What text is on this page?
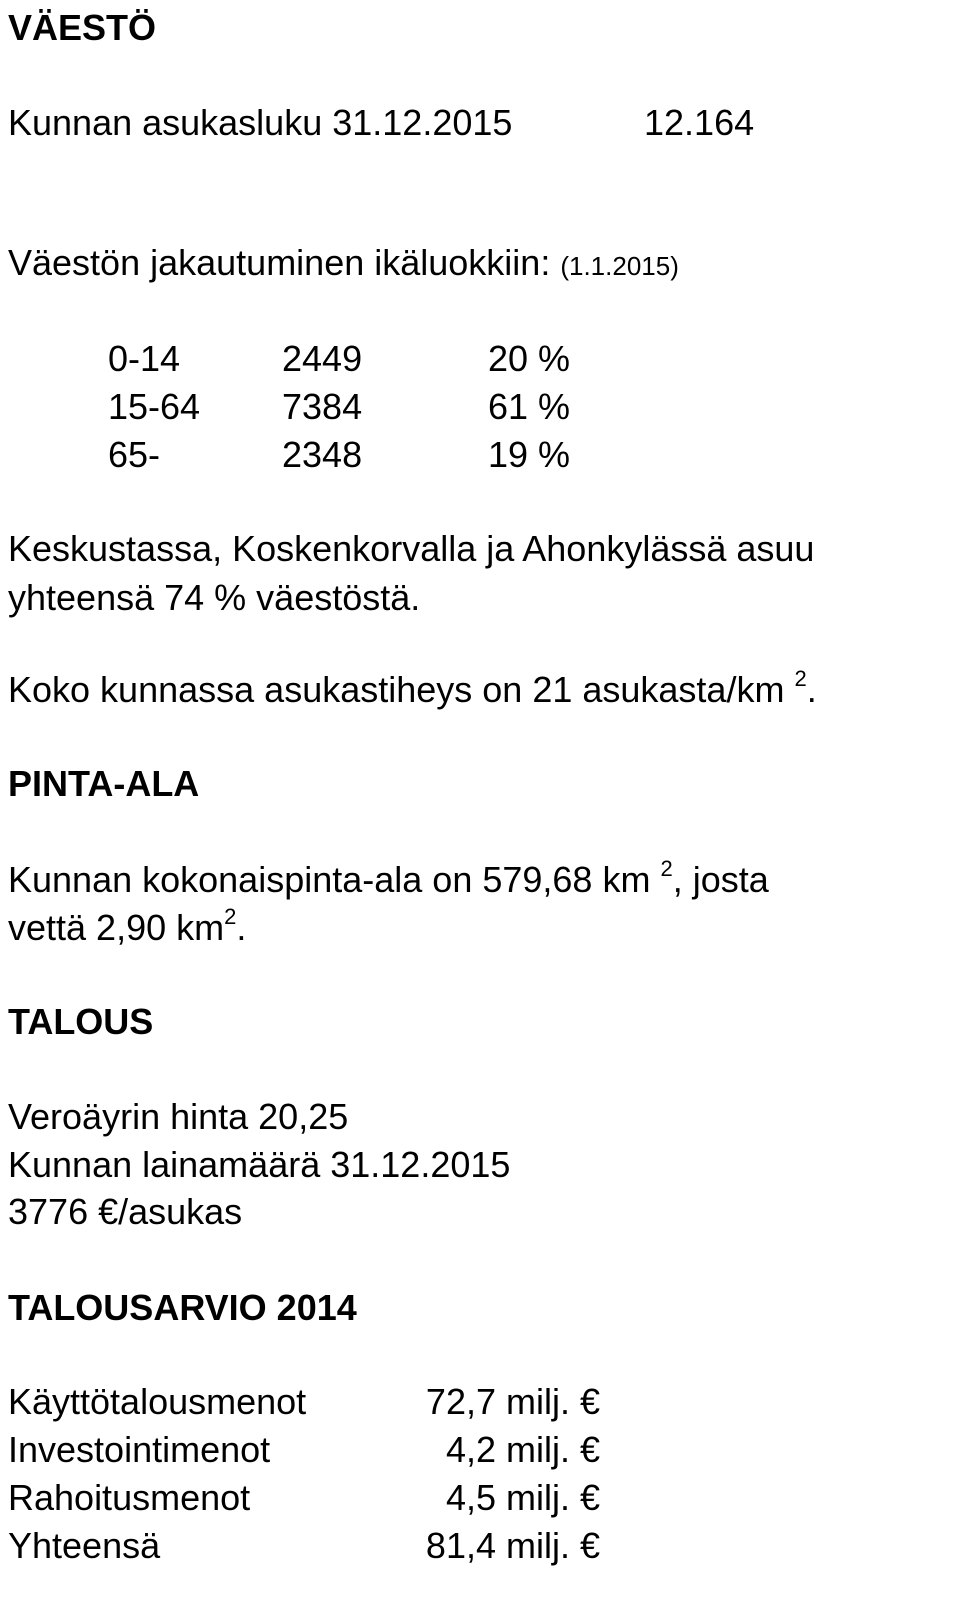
VÄESTÖ
Kunnan asukasluku 31.12.2015	12.164
Väestön jakautuminen ikäluokkiin: (1.1.2015)
0-14	2449	20 %
15-64 7384	61 %
65-	2348	19 %
Keskustassa, Koskenkorvalla ja Ahonkylässä asuu
yhteensä 74 % väestöstä.
Koko kunnassa asukastiheys on 21 asukasta/km $^2$.
PINTA-ALA
Kunnan kokonaispinta-ala on 579,68 km $^2$, josta
vettä 2,90 $km^2$.
TALOUS
Veroäyrin hinta 20,25
Kunnan lainamäärä 31.12.2015
3776 €/asukas
TALOUSARVIO 2014
Käyttötalousmenot	72,7 milj. €
Investointimenot	4,2 milj. €
Rahoitusmenot	4,5 milj. €
Yhteensä	81,4 milj. €
